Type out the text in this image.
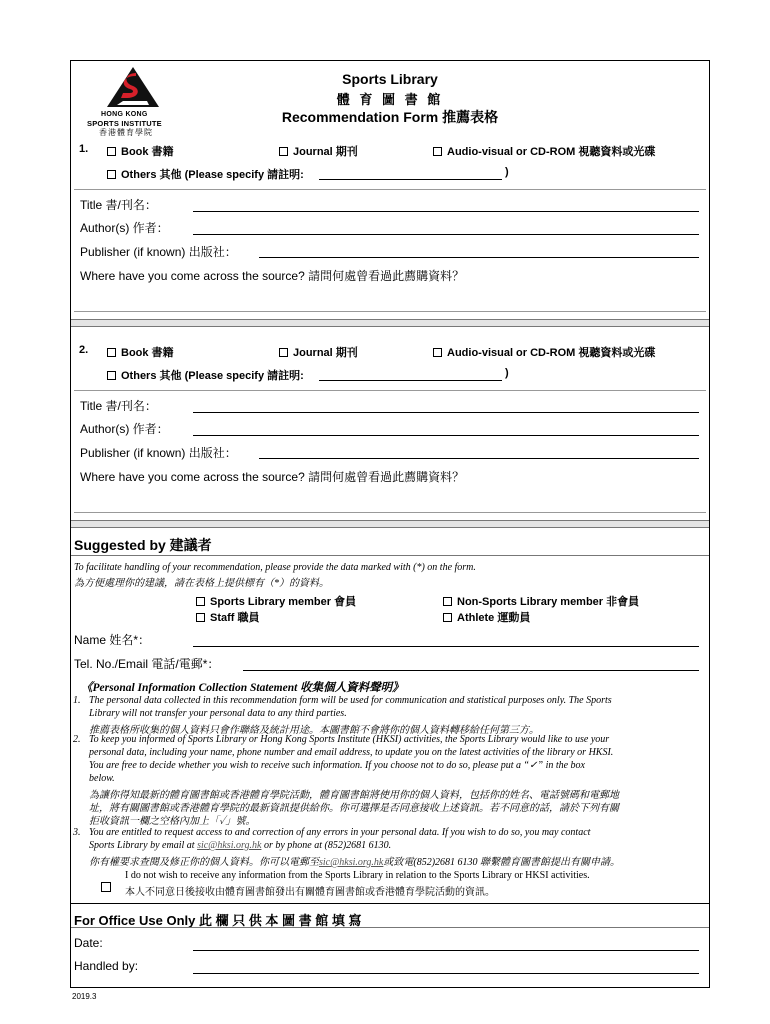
HONG KONG
SPORTS INSTITUTE
香港體育學院
Sports Library
體 育 圖 書 館
Recommendation Form 推薦表格
1.	Book 書籍	Journal 期刊	Audio-visual or CD-ROM 視聽資料或光碟
Others 其他 (Please specify 請註明:	)
Title 書/刊名：
Author(s) 作者：
Publisher (if known) 出版社：
Where have you come across the source? 請問何處曾看過此薦購資料？
2.	Book 書籍	Journal 期刊	Audio-visual or CD-ROM 視聽資料或光碟
Others 其他 (Please specify 請註明:	)
Title 書/刊名：
Author(s) 作者：
Publisher (if known) 出版社：
Where have you come across the source? 請問何處曾看過此薦購資料？
Suggested by 建議者
To facilitate handling of your recommendation, please provide the data marked with (*) on the form.
為方便處理你的建議，請在表格上提供標有（*）的資料。
Sports Library member 會員	Non-Sports Library member 非會員
Staff 職員	Athlete 運動員
Name 姓名*：
Tel. No./Email 電話/電郵*：
《Personal Information Collection Statement 收集個人資料聲明》
1. The personal data collected in this recommendation form will be used for communication and statistical purposes only. The Sports
Library will not transfer your personal data to any third parties.
推薦表格所收集的個人資料只會作聯絡及統計用途。本圖書館不會將你的個人資料轉移給任何第三方。
2. To keep you informed of Sports Library or Hong Kong Sports Institute (HKSI) activities, the Sports Library would like to use your
personal data, including your name, phone number and email address, to update you on the latest activities of the library or HKSI.
You are free to decide whether you wish to receive such information. If you choose not to do so, please put a “✓” in the box
below.
為讓你得知最新的體育圖書館或香港體育學院活動，體育圖書館將使用你的個人資料，包括你的姓名、電話號碼和電郵地
址，將有關圖書館或香港體育學院的最新資訊提供給你。你可選擇是否同意接收上述資訊。若不同意的話，請於下列有關
拒收資訊一欄之空格內加上「✓」號。
3. You are entitled to request access to and correction of any errors in your personal data. If you wish to do so, you may contact
Sports Library by email at sic@hksi.org.hk or by phone at (852)2681 6130.
你有權要求查閱及修正你的個人資料。你可以電郵至sic@hksi.org.hk或致電(852)2681 6130 聯繫體育圖書館提出有關申請。
I do not wish to receive any information from the Sports Library in relation to the Sports Library or HKSI activities.
本人不同意日後接收由體育圖書館發出有關體育圖書館或香港體育學院活動的資訊。
For Office Use Only 此 欄 只 供 本 圖 書 館 填 寫
Date:
Handled by:
2019.3
